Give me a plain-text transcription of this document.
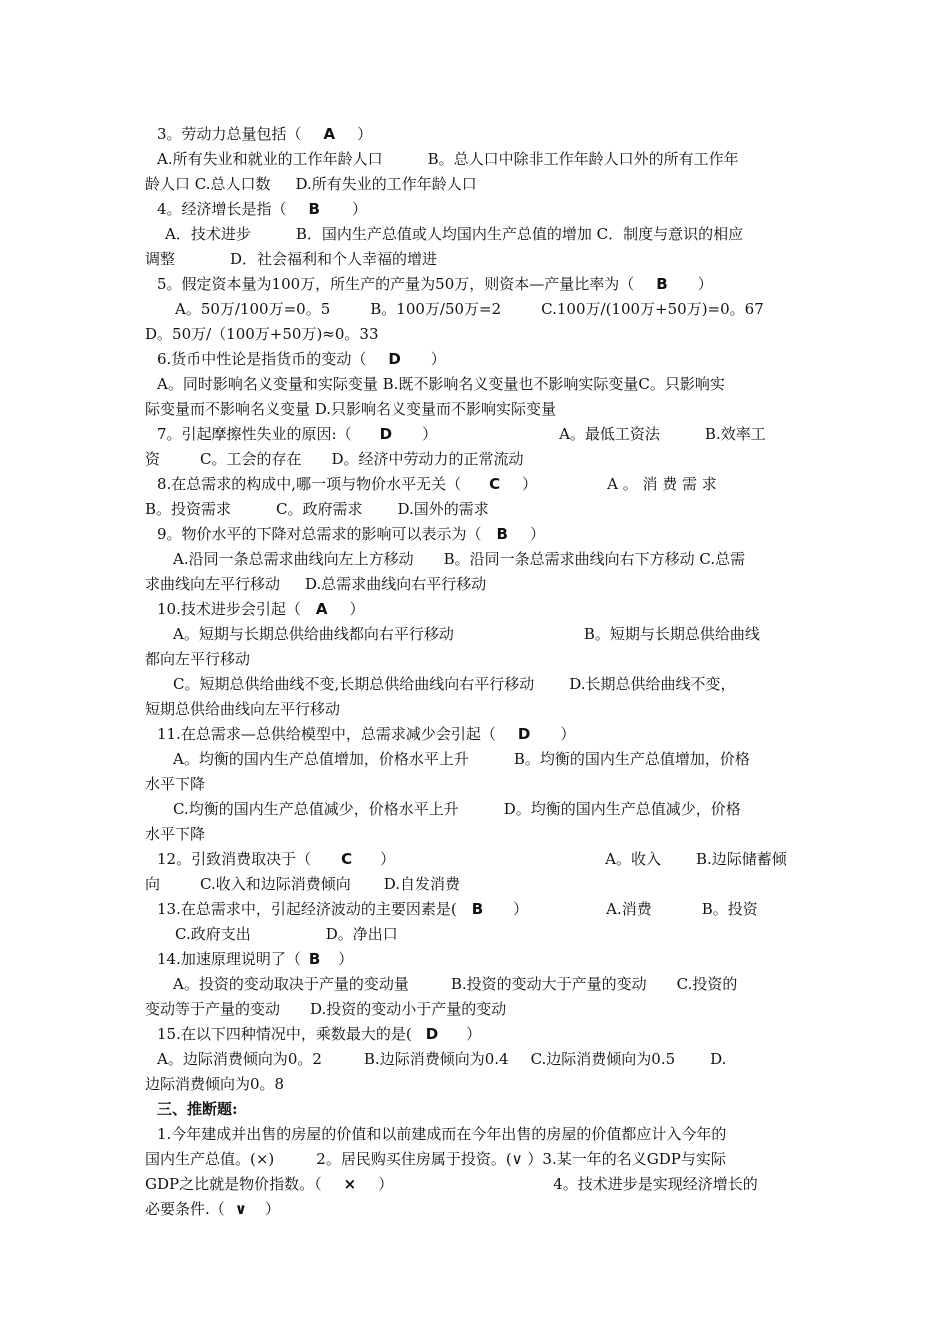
3。劳动力总量包括（ A ）
A.所有失业和就业的工作年龄人口	B。总人口中除非工作年龄人口外的所有工作年
龄人口 C.总人口数 D.所有失业的工作年龄人口
4。经济增长是指（ B ）
A．技术进步	B．国内生产总值或人均国内生产总值的增加 C．制度与意识的相应
调整	D．社会福利和个人幸福的增进
5。假定资本量为100万，所生产的产量为50万，则资本—产量比率为（ B ）
A。50万/100万=0。5	B。100万/50万=2	C.100万/(100万+50万)=0。67
D。50万/（100万+50万)≈0。33
6.货币中性论是指货币的变动（ D ）
A。同时影响名义变量和实际变量 B.既不影响名义变量也不影响实际变量C。只影响实
际变量而不影响名义变量 D.只影响名义变量而不影响实际变量
7。引起摩擦性失业的原因:（ D ）	A。最低工资法	B.效率工
资	C。工会的存在 D。经济中劳动力的正常流动
8.在总需求的构成中,哪一项与物价水平无关（ C ）	A 。 消 费 需 求
B。投资需求	C。政府需求 D.国外的需求
9。物价水平的下降对总需求的影响可以表示为（ B ）
A.沿同一条总需求曲线向左上方移动 B。沿同一条总需求曲线向右下方移动 C.总需
求曲线向左平行移动 D.总需求曲线向右平行移动
10.技术进步会引起（ A ）
A。短期与长期总供给曲线都向右平行移动	B。短期与长期总供给曲线
都向左平行移动
C。短期总供给曲线不变,长期总供给曲线向右平行移动 D.长期总供给曲线不变，
短期总供给曲线向左平行移动
11.在总需求—总供给模型中，总需求减少会引起（ D ）
A。均衡的国内生产总值增加，价格水平上升	B。均衡的国内生产总值增加，价格
水平下降
C.均衡的国内生产总值减少，价格水平上升	D。均衡的国内生产总值减少，价格
水平下降
12。引致消费取决于（ C ）	A。收入 B.边际储蓄倾
向	C.收入和边际消费倾向 D.自发消费
13.在总需求中，引起经济波动的主要因素是( B ）	A.消费	B。投资
C.政府支出	D。净出口
14.加速原理说明了（ B ）
A。投资的变动取决于产量的变动量	B.投资的变动大于产量的变动 C.投资的
变动等于产量的变动 D.投资的变动小于产量的变动
15.在以下四种情况中，乘数最大的是( D ）
A。边际消费倾向为0。2	B.边际消费倾向为0.4 C.边际消费倾向为0.5 D.
边际消费倾向为0。8
三、推断题:
1.今年建成并出售的房屋的价值和以前建成而在今年出售的房屋的价值都应计入今年的
国内生产总值。(×)	2。居民购买住房属于投资。(∨ ）3.某一年的名义GDP与实际
GDP之比就是物价指数。（ × ）	4。技术进步是实现经济增长的
必要条件.（ ∨ ）
